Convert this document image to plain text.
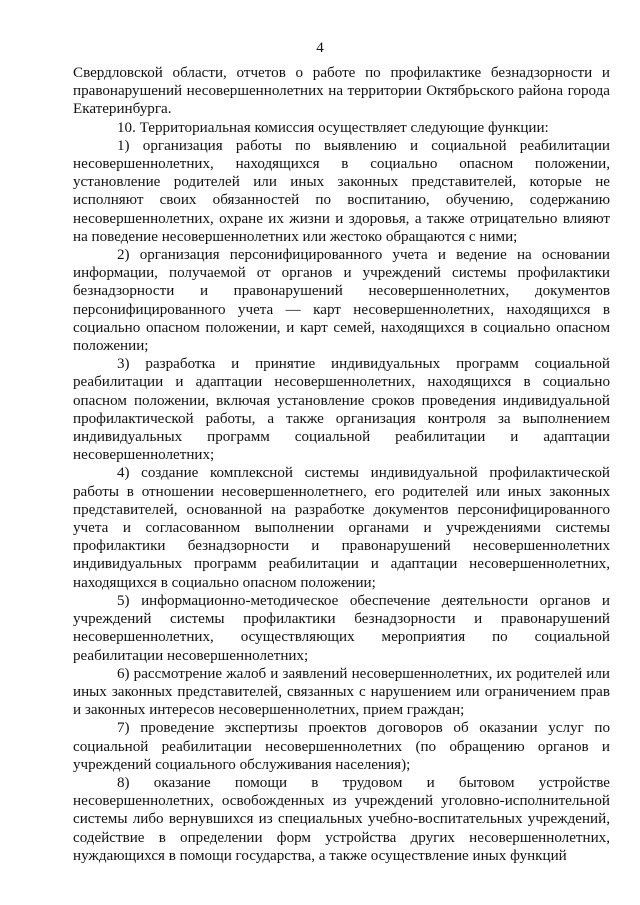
4

Свердловской области, отчетов о работе по профилактике безнадзорности и правонарушений несовершеннолетних на территории Октябрьского района города Екатеринбурга.

10. Территориальная комиссия осуществляет следующие функции:

1) организация работы по выявлению и социальной реабилитации несовершеннолетних, находящихся в социально опасном положении, установление родителей или иных законных представителей, которые не исполняют своих обязанностей по воспитанию, обучению, содержанию несовершеннолетних, охране их жизни и здоровья, а также отрицательно влияют на поведение несовершеннолетних или жестоко обращаются с ними;

2) организация персонифицированного учета и ведение на основании информации, получаемой от органов и учреждений системы профилактики безнадзорности и правонарушений несовершеннолетних, документов персонифицированного учета — карт несовершеннолетних, находящихся в социально опасном положении, и карт семей, находящихся в социально опасном положении;

3) разработка и принятие индивидуальных программ социальной реабилитации и адаптации несовершеннолетних, находящихся в социально опасном положении, включая установление сроков проведения индивидуальной профилактической работы, а также организация контроля за выполнением индивидуальных программ социальной реабилитации и адаптации несовершеннолетних;

4) создание комплексной системы индивидуальной профилактической работы в отношении несовершеннолетнего, его родителей или иных законных представителей, основанной на разработке документов персонифицированного учета и согласованном выполнении органами и учреждениями системы профилактики безнадзорности и правонарушений несовершеннолетних индивидуальных программ реабилитации и адаптации несовершеннолетних, находящихся в социально опасном положении;

5) информационно-методическое обеспечение деятельности органов и учреждений системы профилактики безнадзорности и правонарушений несовершеннолетних, осуществляющих мероприятия по социальной реабилитации несовершеннолетних;

6) рассмотрение жалоб и заявлений несовершеннолетних, их родителей или иных законных представителей, связанных с нарушением или ограничением прав и законных интересов несовершеннолетних, прием граждан;

7) проведение экспертизы проектов договоров об оказании услуг по социальной реабилитации несовершеннолетних (по обращению органов и учреждений социального обслуживания населения);

8) оказание помощи в трудовом и бытовом устройстве несовершеннолетних, освобожденных из учреждений уголовно-исполнительной системы либо вернувшихся из специальных учебно-воспитательных учреждений, содействие в определении форм устройства других несовершеннолетних, нуждающихся в помощи государства, а также осуществление иных функций
